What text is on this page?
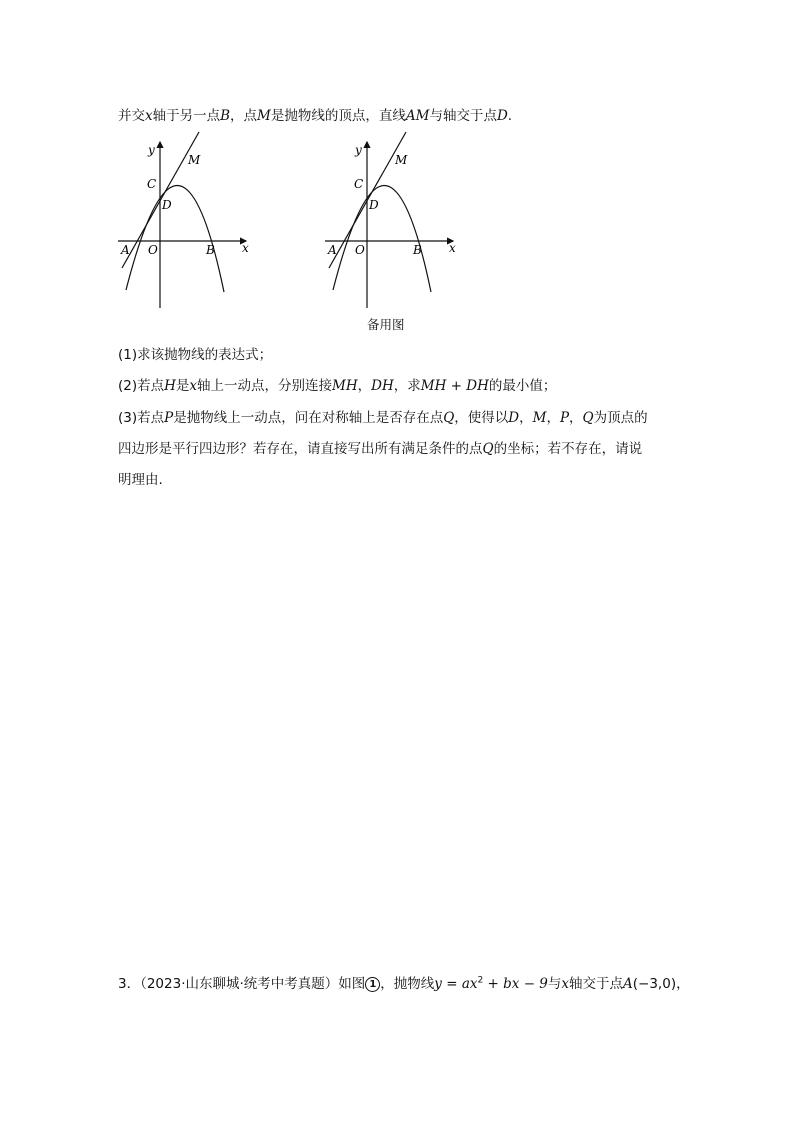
并交x轴于另一点B，点M是抛物线的顶点，直线AM与轴交于点D.
y
x
O
A	B
C
D
M
y
x
O
A	B
C
D
M
备用图
(1)求该抛物线的表达式；
(2)若点H是x轴上一动点，分别连接MH，DH，求MH + DH的最小值；
(3)若点P是抛物线上一动点，问在对称轴上是否存在点Q，使得以D，M，P，Q为顶点的
四边形是平行四边形？若存在，请直接写出所有满足条件的点Q的坐标；若不存在，请说
明理由.
3．（2023·山东聊城·统考中考真题）如图 1 ，抛物线$y = ax^2$ + bx − 9与x轴交于点A(−3,0)，
